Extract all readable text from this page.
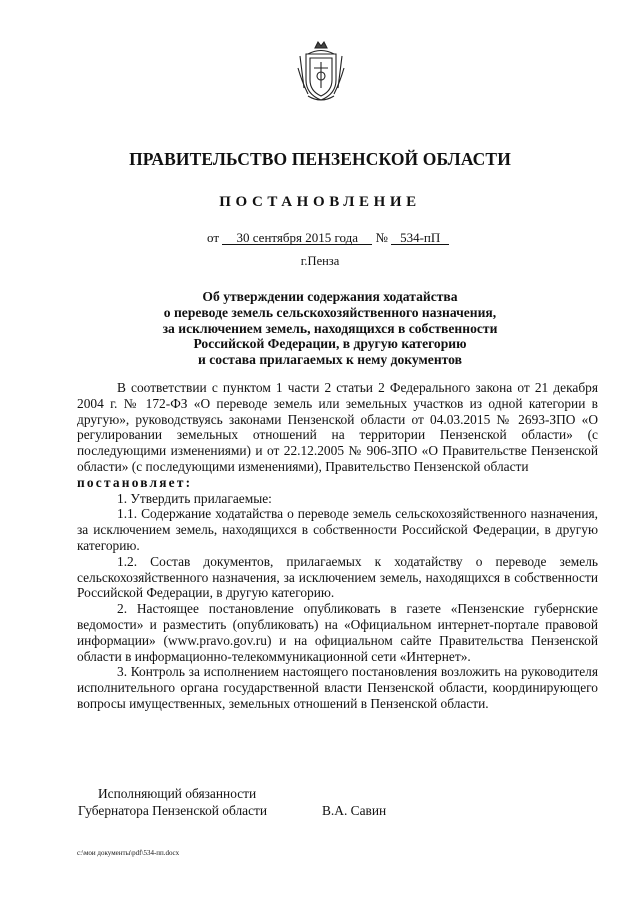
ПРАВИТЕЛЬСТВО ПЕНЗЕНСКОЙ ОБЛАСТИ
ПОСТАНОВЛЕНИЕ
от 30 сентября 2015 года № 534-пП
г.Пенза
Об утверждении содержания ходатайства
о переводе земель сельскохозяйственного назначения,
за исключением земель, находящихся в собственности
Российской Федерации, в другую категорию
и состава прилагаемых к нему документов

В соответствии с пунктом 1 части 2 статьи 2 Федерального закона от 21 декабря 2004 г. № 172-ФЗ «О переводе земель или земельных участков из одной категории в другую», руководствуясь законами Пензенской области от 04.03.2015 № 2693-ЗПО «О регулировании земельных отношений на территории Пензенской области» (с последующими изменениями) и от 22.12.2005 № 906-ЗПО «О Правительстве Пензенской области» (с последующими изменениями), Правительство Пензенской области

постановляет:

1. Утвердить прилагаемые:

1.1. Содержание ходатайства о переводе земель сельскохозяйственного назначения, за исключением земель, находящихся в собственности Российской Федерации, в другую категорию.

1.2. Состав документов, прилагаемых к ходатайству о переводе земель сельскохозяйственного назначения, за исключением земель, находящихся в собственности Российской Федерации, в другую категорию.

2. Настоящее постановление опубликовать в газете «Пензенские губернские ведомости» и разместить (опубликовать) на «Официальном интернет-портале правовой информации» (www.pravo.gov.ru) и на официальном сайте Правительства Пензенской области в информационно-телекоммуникационной сети «Интернет».

3. Контроль за исполнением настоящего постановления возложить на руководителя исполнительного органа государственной власти Пензенской области, координирующего вопросы имущественных, земельных отношений в Пензенской области.

Исполняющий обязанности
Губернатора Пензенской области	В.А. Савин
c:\мои документы\pdf\534-пп.docx
